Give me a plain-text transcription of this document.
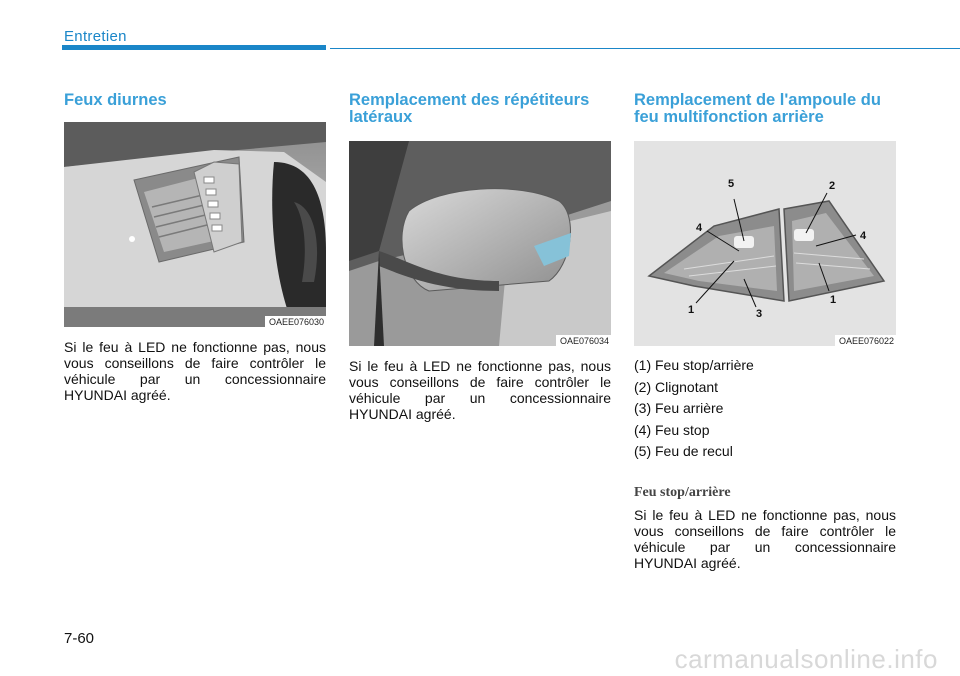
Entretien
Feux diurnes
OAEE076030

Si le feu à LED ne fonctionne pas, nous vous conseillons de faire contrôler le véhicule par un concessionnaire HYUNDAI agréé.

Remplacement des répétiteurs latéraux
OAE076034

Si le feu à LED ne fonctionne pas, nous vous conseillons de faire contrôler le véhicule par un concessionnaire HYUNDAI agréé.

Remplacement de l'ampoule du feu multifonction arrière
5	2
4
4
1	3
1
OAEE076022
(1) Feu stop/arrière
(2) Clignotant
(3) Feu arrière
(4) Feu stop
(5) Feu de recul
Feu stop/arrière

Si le feu à LED ne fonctionne pas, nous vous conseillons de faire contrôler le véhicule par un concessionnaire HYUNDAI agréé.

7-60
carmanualsonline.info
